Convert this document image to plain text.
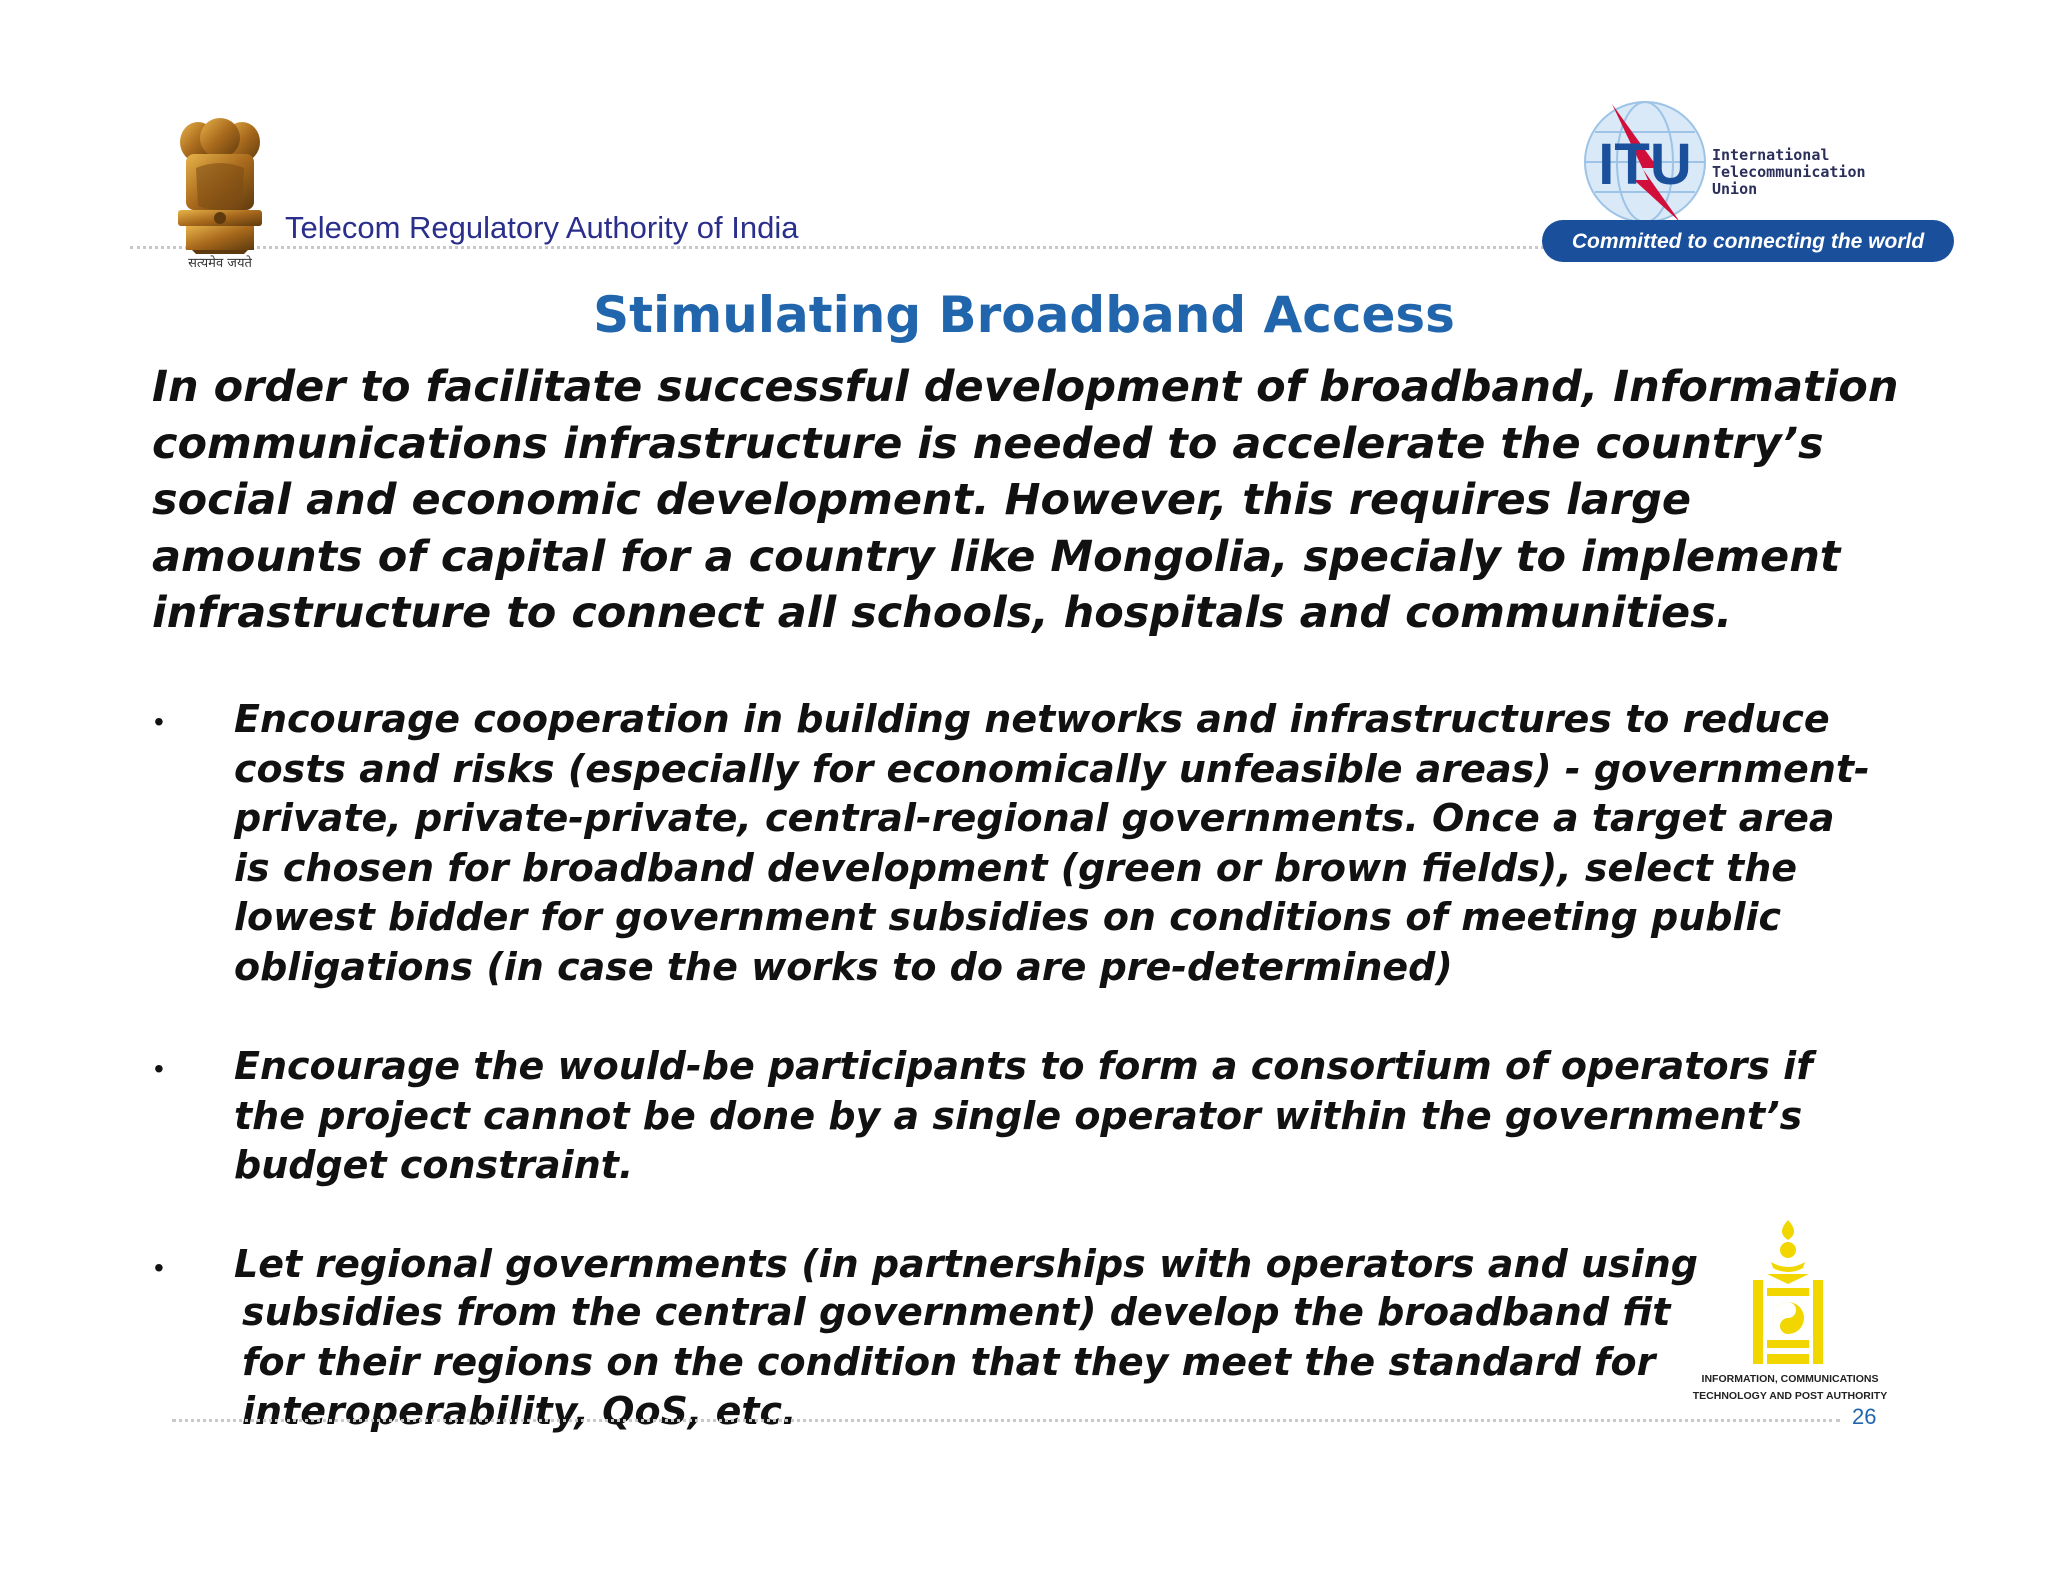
सत्यमेव जयते
Telecom Regulatory Authority of India
ITU International
Telecommunication
Union
Committed to connecting the world
Stimulating Broadband Access
In order to facilitate successful development of broadband, Information communications infrastructure is needed to accelerate the country’s social and economic development. However, this requires large amounts of capital for a country like Mongolia, specialy to implement infrastructure to connect all schools, hospitals and communities.
• Encourage cooperation in building networks and infrastructures to reduce costs and risks (especially for economically unfeasible areas) - government-private, private-private, central-regional governments. Once a target area is chosen for broadband development (green or brown fields), select the lowest bidder for government subsidies on conditions of meeting public obligations (in case the works to do are pre-determined)
• Encourage the would-be participants to form a consortium of operators if the project cannot be done by a single operator within the government’s budget constraint.
• Let regional governments (in partnerships with operators and using
subsidies from the central government) develop the broadband fit for their regions on the condition that they meet the standard for interoperability, QoS, etc.
INFORMATION, COMMUNICATIONS
TECHNOLOGY AND POST AUTHORITY
26
